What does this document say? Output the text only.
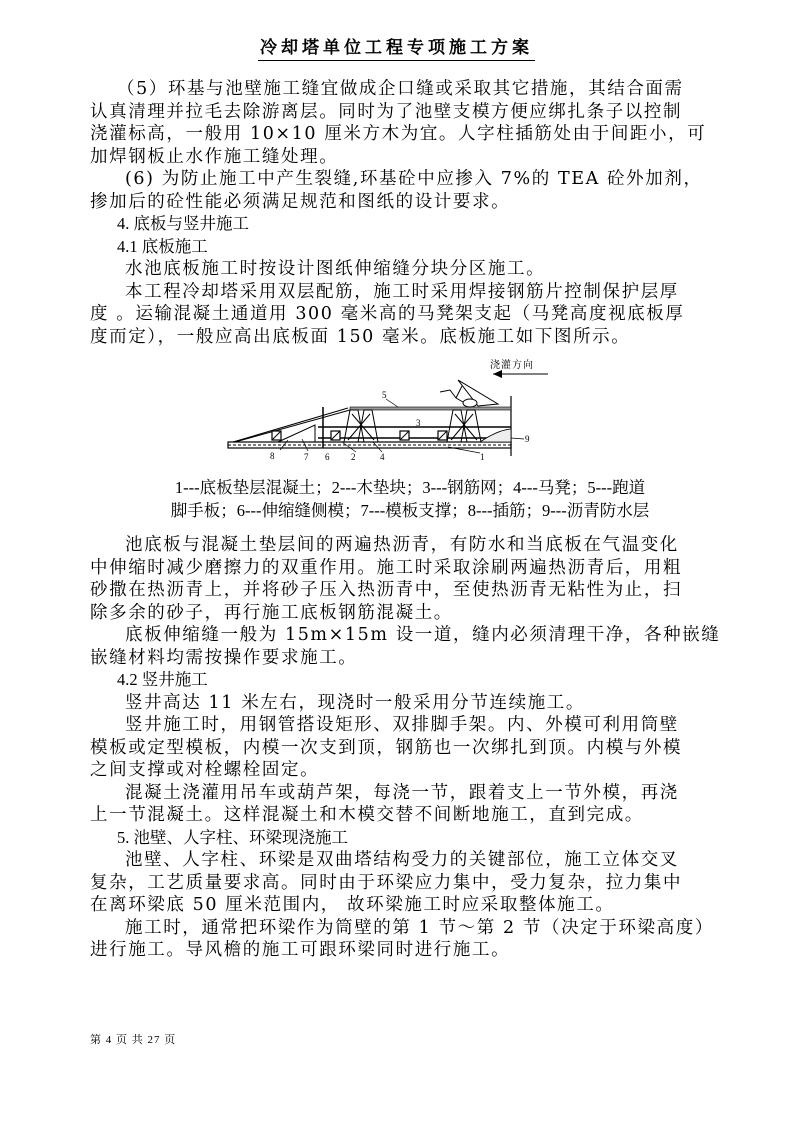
冷却塔单位工程专项施工方案

（5）环基与池壁施工缝宜做成企口缝或采取其它措施，其结合面需
认真清理并拉毛去除游离层。同时为了池壁支模方便应绑扎条子以控制
浇灌标高，一般用 10×10 厘米方木为宜。人字柱插筋处由于间距小，可
加焊钢板止水作施工缝处理。

(6) 为防止施工中产生裂缝,环基砼中应掺入 7%的 TEA 砼外加剂，
掺加后的砼性能必须满足规范和图纸的设计要求。

4. 底板与竖井施工

4.1 底板施工

水池底板施工时按设计图纸伸缩缝分块分区施工。

本工程冷却塔采用双层配筋，施工时采用焊接钢筋片控制保护层厚
度 。运输混凝土通道用 300 毫米高的马凳架支起（马凳高度视底板厚
度而定），一般应高出底板面 150 毫米。底板施工如下图所示。

浇灌方向
5
3
9
8	7 6 2	4	1
1---底板垫层混凝土；2---木垫块；3---钢筋网；4---马凳；5---跑道
脚手板；6---伸缩缝侧模；7---模板支撑；8---插筋；9---沥青防水层

池底板与混凝土垫层间的两遍热沥青，有防水和当底板在气温变化
中伸缩时减少磨擦力的双重作用。施工时采取涂刷两遍热沥青后，用粗
砂撒在热沥青上，并将砂子压入热沥青中，至使热沥青无粘性为止，扫
除多余的砂子，再行施工底板钢筋混凝土。

底板伸缩缝一般为 15m×15m 设一道，缝内必须清理干净，各种嵌缝
嵌缝材料均需按操作要求施工。

4.2 竖井施工

竖井高达 11 米左右，现浇时一般采用分节连续施工。

竖井施工时，用钢管搭设矩形、双排脚手架。内、外模可利用筒壁
模板或定型模板，内模一次支到顶，钢筋也一次绑扎到顶。内模与外模
之间支撑或对栓螺栓固定。

混凝土浇灌用吊车或葫芦架，每浇一节，跟着支上一节外模，再浇
上一节混凝土。这样混凝土和木模交替不间断地施工，直到完成。

5. 池壁、人字柱、环梁现浇施工

池壁、人字柱、环梁是双曲塔结构受力的关键部位，施工立体交叉
复杂，工艺质量要求高。同时由于环梁应力集中，受力复杂，拉力集中
在离环梁底 50 厘米范围内， 故环梁施工时应采取整体施工。

施工时，通常把环梁作为筒壁的第 1 节～第 2 节（决定于环梁高度）
进行施工。导风檐的施工可跟环梁同时进行施工。

第 4 页 共 27 页
